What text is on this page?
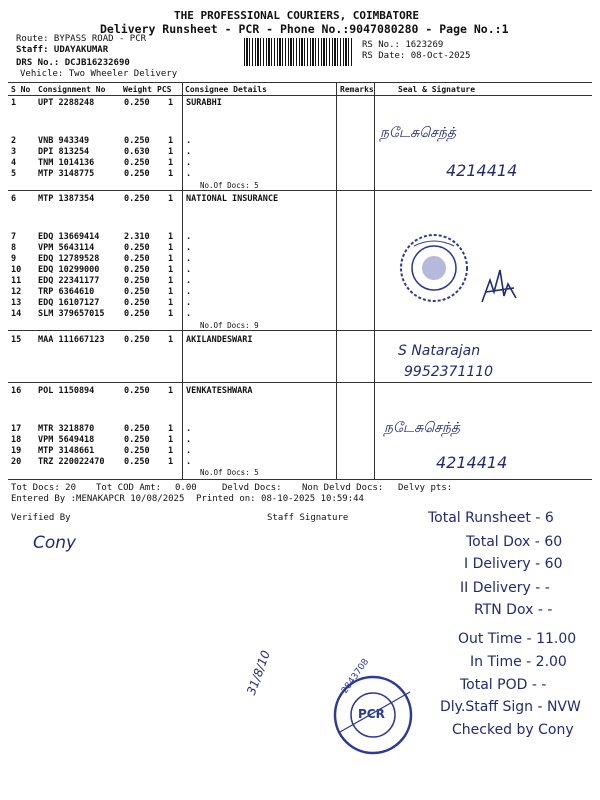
THE PROFESSIONAL COURIERS, COIMBATORE
Delivery Runsheet - PCR - Phone No.:9047080280 - Page No.:1
Route: BYPASS ROAD - PCR
Staff: UDAYAKUMAR
DRS No.: DCJB16232690
Vehicle: Two Wheeler Delivery
RS No.: 1623269
RS Date: 08-Oct-2025
S No Consignment No Weight PCS Consignee Details	Remarks	Seal & Signature
1	UPT 2288248	0.250 1 SURABHI
2	VNB 943349	0.250 1 .
3	DPI 813254	0.630 1 .
4	TNM 1014136	0.250 1 .
5	MTP 3148775	0.250 1 .
No.Of Docs: 5
6	MTP 1387354	0.250 1 NATIONAL INSURANCE
7	EDQ 13669414	2.310 1 .
8	VPM 5643114	0.250 1 .
9	EDQ 12789528	0.250 1 .
10 EDQ 10299000	0.250 1 .
11 EDQ 22341177	0.250 1 .
12 TRP 6364610	0.250 1 .
13 EDQ 16107127	0.250 1 .
14 SLM 379657015 0.250 1 .
No.Of Docs: 9
15 MAA 111667123 0.250 1 AKILANDESWARI
16 POL 1150894	0.250 1 VENKATESHWARA
17 MTR 3218870	0.250 1 .
18 VPM 5649418	0.250 1 .
19 MTP 3148661	0.250 1 .
20 TRZ 220022470 0.250 1 .
No.Of Docs: 5
Tot Docs: 20 Tot COD Amt: 0.00	Delvd Docs: Non Delvd Docs: Delvy pts:
Entered By :MENAKAPCR 10/08/2025 Printed on: 08-10-2025 10:59:44
Verified By	Staff Signature
நடேசுசெந்த்
4214414
S Natarajan
9952371110
நடேசுசெந்த்
4214414
Cony
Total Runsheet - 6
Total Dox - 60
I Delivery - 60
II Delivery - -
RTN Dox - -
Out Time - 11.00
In Time - 2.00
Total POD - -
Dly.Staff Sign - NVW
Checked by Cony
31/8/10
PCR
2843708
